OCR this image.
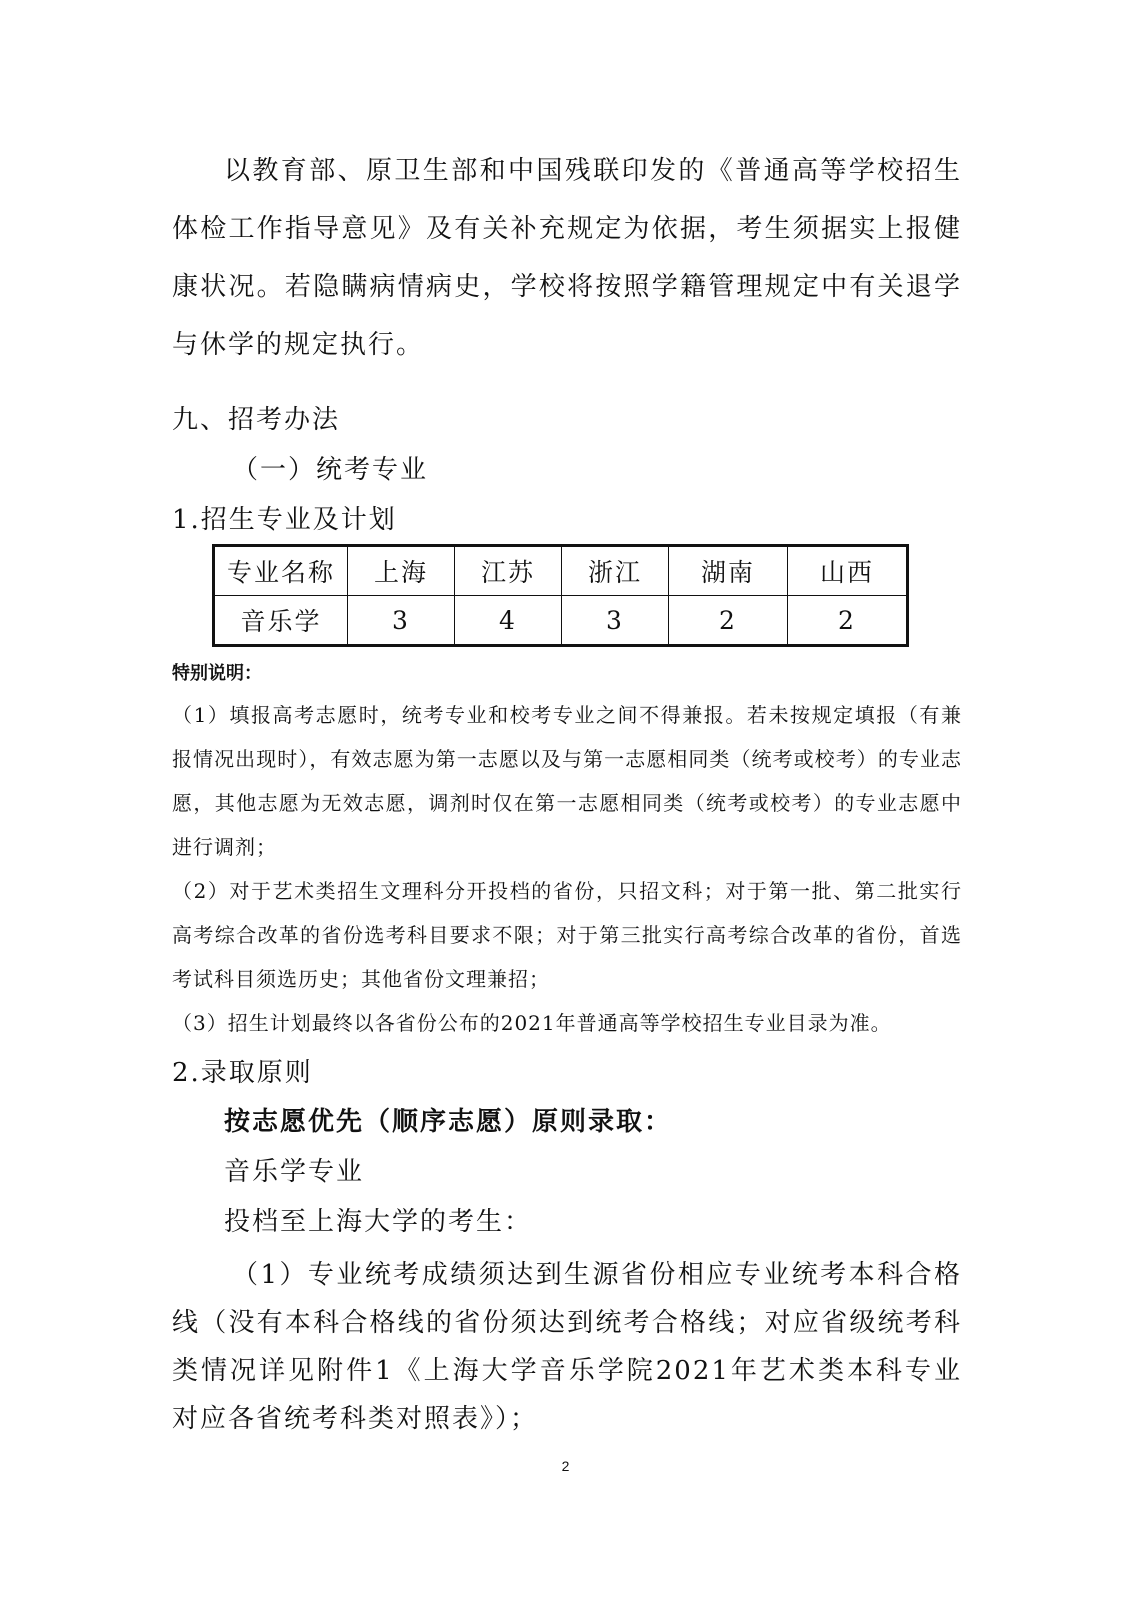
以教育部、原卫生部和中国残联印发的《普通高等学校招生体检工作指导意见》及有关补充规定为依据，考生须据实上报健康状况。若隐瞒病情病史，学校将按照学籍管理规定中有关退学与休学的规定执行。

九、招考办法
（一）统考专业
1.招生专业及计划
专业名称	上海	江苏	浙江	湖南	山西
音乐学	3	4	3	2	2
特别说明：

（1）填报高考志愿时，统考专业和校考专业之间不得兼报。若未按规定填报（有兼报情况出现时），有效志愿为第一志愿以及与第一志愿相同类（统考或校考）的专业志愿，其他志愿为无效志愿，调剂时仅在第一志愿相同类（统考或校考）的专业志愿中进行调剂；

（2）对于艺术类招生文理科分开投档的省份，只招文科；对于第一批、第二批实行高考综合改革的省份选考科目要求不限；对于第三批实行高考综合改革的省份，首选考试科目须选历史；其他省份文理兼招；

（3）招生计划最终以各省份公布的2021年普通高等学校招生专业目录为准。

2.录取原则
按志愿优先（顺序志愿）原则录取：
音乐学专业
投档至上海大学的考生：

（1）专业统考成绩须达到生源省份相应专业统考本科合格线（没有本科合格线的省份须达到统考合格线；对应省级统考科类情况详见附件1《上海大学音乐学院2021年艺术类本科专业对应各省统考科类对照表》）；

2
